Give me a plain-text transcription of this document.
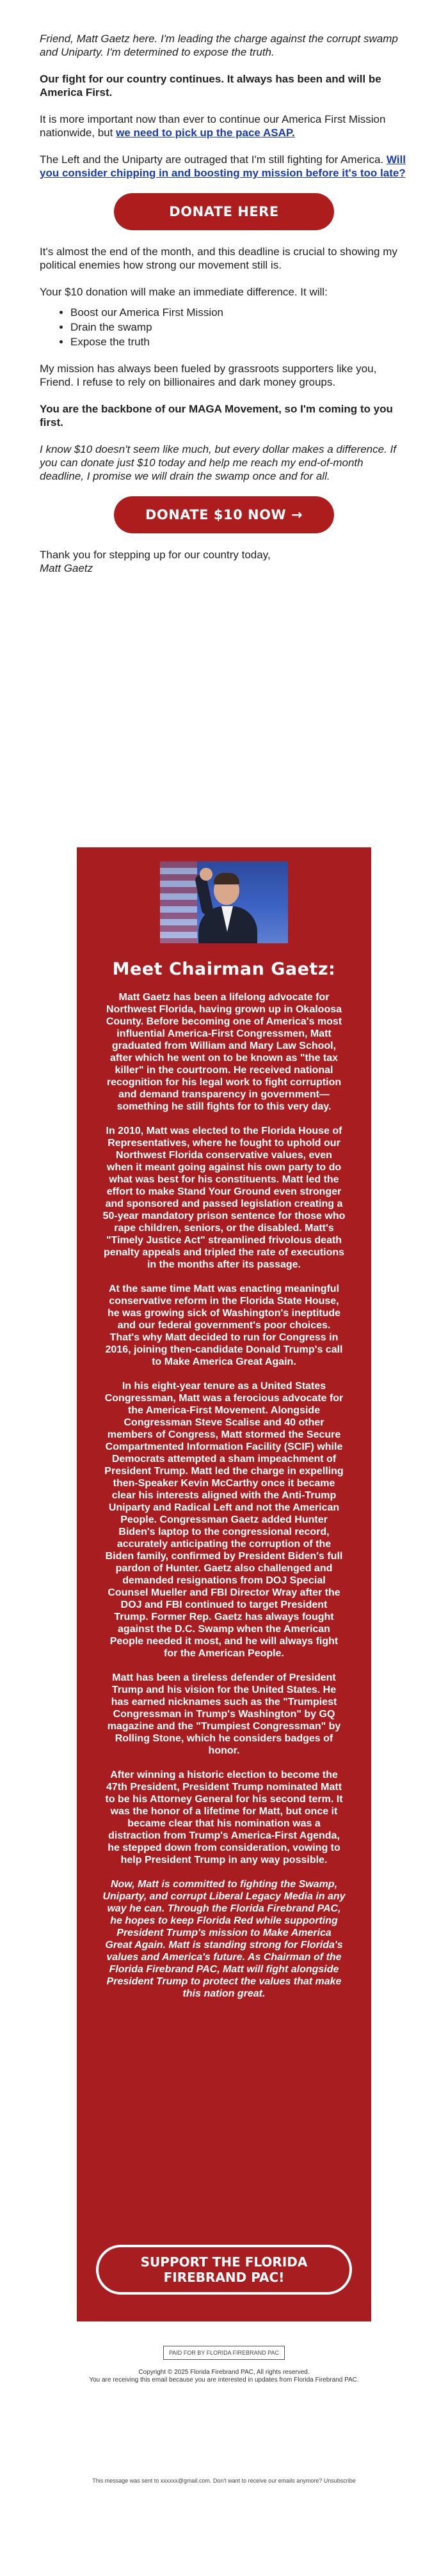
Friend, Matt Gaetz here. I'm leading the charge against the corrupt swamp and Uniparty. I'm determined to expose the truth.

Our fight for our country continues. It always has been and will be America First.

It is more important now than ever to continue our America First Mission nationwide, but we need to pick up the pace ASAP.

The Left and the Uniparty are outraged that I'm still fighting for America. Will you consider chipping in and boosting my mission before it's too late?

DONATE HERE

It's almost the end of the month, and this deadline is crucial to showing my political enemies how strong our movement still is.

Your $10 donation will make an immediate difference. It will:

• Boost our America First Mission
• Drain the swamp
• Expose the truth

My mission has always been fueled by grassroots supporters like you, Friend. I refuse to rely on billionaires and dark money groups.

You are the backbone of our MAGA Movement, so I'm coming to you first.

I know $10 doesn't seem like much, but every dollar makes a difference. If you can donate just $10 today and help me reach my end-of-month deadline, I promise we will drain the swamp once and for all.

DONATE $10 NOW →

Thank you for stepping up for our country today,

Matt Gaetz

Meet Chairman Gaetz:

Matt Gaetz has been a lifelong advocate for Northwest Florida, having grown up in Okaloosa County. Before becoming one of America's most influential America-First Congressmen, Matt graduated from William and Mary Law School, after which he went on to be known as "the tax killer" in the courtroom. He received national recognition for his legal work to fight corruption and demand transparency in government—something he still fights for to this very day.

In 2010, Matt was elected to the Florida House of Representatives, where he fought to uphold our Northwest Florida conservative values, even when it meant going against his own party to do what was best for his constituents. Matt led the effort to make Stand Your Ground even stronger and sponsored and passed legislation creating a 50-year mandatory prison sentence for those who rape children, seniors, or the disabled. Matt's "Timely Justice Act" streamlined frivolous death penalty appeals and tripled the rate of executions in the months after its passage.

At the same time Matt was enacting meaningful conservative reform in the Florida State House, he was growing sick of Washington's ineptitude and our federal government's poor choices. That's why Matt decided to run for Congress in 2016, joining then-candidate Donald Trump's call to Make America Great Again.

In his eight-year tenure as a United States Congressman, Matt was a ferocious advocate for the America-First Movement. Alongside Congressman Steve Scalise and 40 other members of Congress, Matt stormed the Secure Compartmented Information Facility (SCIF) while Democrats attempted a sham impeachment of President Trump. Matt led the charge in expelling then-Speaker Kevin McCarthy once it became clear his interests aligned with the Anti-Trump Uniparty and Radical Left and not the American People. Congressman Gaetz added Hunter Biden's laptop to the congressional record, accurately anticipating the corruption of the Biden family, confirmed by President Biden's full pardon of Hunter. Gaetz also challenged and demanded resignations from DOJ Special Counsel Mueller and FBI Director Wray after the DOJ and FBI continued to target President Trump. Former Rep. Gaetz has always fought against the D.C. Swamp when the American People needed it most, and he will always fight for the American People.

Matt has been a tireless defender of President Trump and his vision for the United States. He has earned nicknames such as the "Trumpiest Congressman in Trump's Washington" by GQ magazine and the "Trumpiest Congressman" by Rolling Stone, which he considers badges of honor.

After winning a historic election to become the 47th President, President Trump nominated Matt to be his Attorney General for his second term. It was the honor of a lifetime for Matt, but once it became clear that his nomination was a distraction from Trump's America-First Agenda, he stepped down from consideration, vowing to help President Trump in any way possible.

Now, Matt is committed to fighting the Swamp, Uniparty, and corrupt Liberal Legacy Media in any way he can. Through the Florida Firebrand PAC, he hopes to keep Florida Red while supporting President Trump's mission to Make America Great Again. Matt is standing strong for Florida's values and America's future. As Chairman of the Florida Firebrand PAC, Matt will fight alongside President Trump to protect the values that make this nation great.

SUPPORT THE FLORIDA FIREBRAND PAC!
PAID FOR BY FLORIDA FIREBRAND PAC

Copyright © 2025 Florida Firebrand PAC, All rights reserved.

You are receiving this email because you are interested in updates from Florida Firebrand PAC.

This message was sent to xxxxxx@gmail.com. Don't want to receive our emails anymore? Unsubscribe
